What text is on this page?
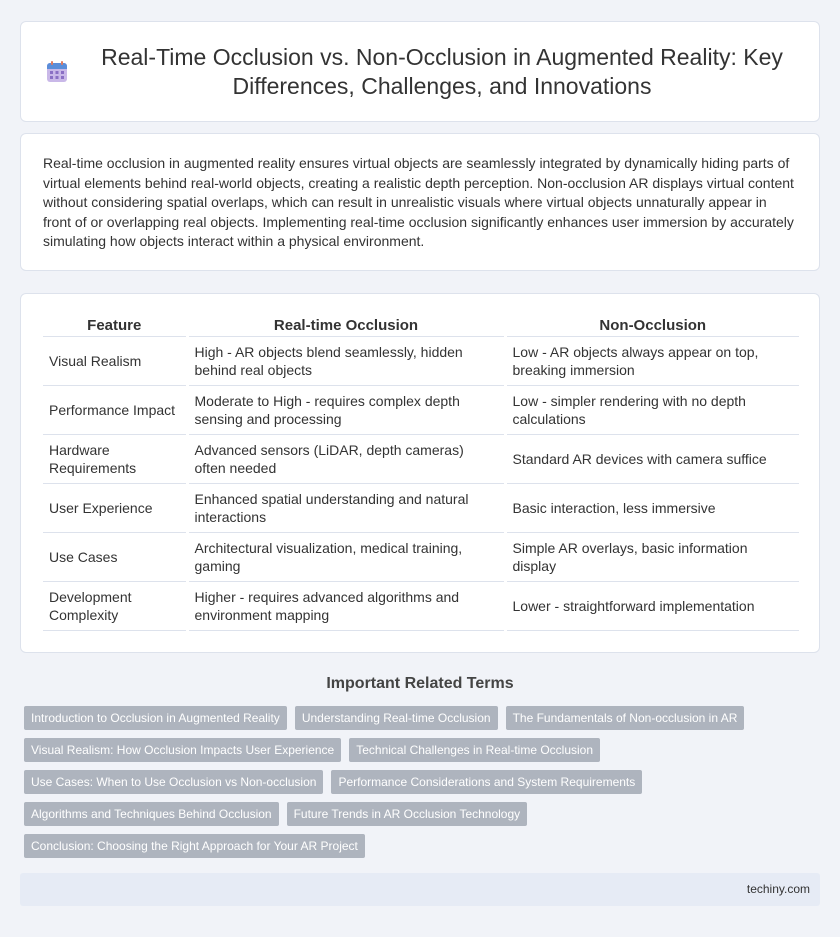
Real-Time Occlusion vs. Non-Occlusion in Augmented Reality: Key Differences, Challenges, and Innovations

Real-time occlusion in augmented reality ensures virtual objects are seamlessly integrated by dynamically hiding parts of virtual elements behind real-world objects, creating a realistic depth perception. Non-occlusion AR displays virtual content without considering spatial overlaps, which can result in unrealistic visuals where virtual objects unnaturally appear in front of or overlapping real objects. Implementing real-time occlusion significantly enhances user immersion by accurately simulating how objects interact within a physical environment.

Feature	Real-time Occlusion	Non-Occlusion
Visual Realism	High - AR objects blend seamlessly, hidden behind real objects	Low - AR objects always appear on top, breaking immersion
Performance Impact	Moderate to High - requires complex depth sensing and processing	Low - simpler rendering with no depth calculations
Hardware Requirements	Advanced sensors (LiDAR, depth cameras) often needed	Standard AR devices with camera suffice
User Experience	Enhanced spatial understanding and natural interactions	Basic interaction, less immersive
Use Cases	Architectural visualization, medical training, gaming	Simple AR overlays, basic information display
Development Complexity	Higher - requires advanced algorithms and environment mapping	Lower - straightforward implementation
Important Related Terms
Introduction to Occlusion in Augmented Reality	Understanding Real-time Occlusion	The Fundamentals of Non-occlusion in AR
Visual Realism: How Occlusion Impacts User Experience	Technical Challenges in Real-time Occlusion
Use Cases: When to Use Occlusion vs Non-occlusion	Performance Considerations and System Requirements
Algorithms and Techniques Behind Occlusion	Future Trends in AR Occlusion Technology
Conclusion: Choosing the Right Approach for Your AR Project
techiny.com
